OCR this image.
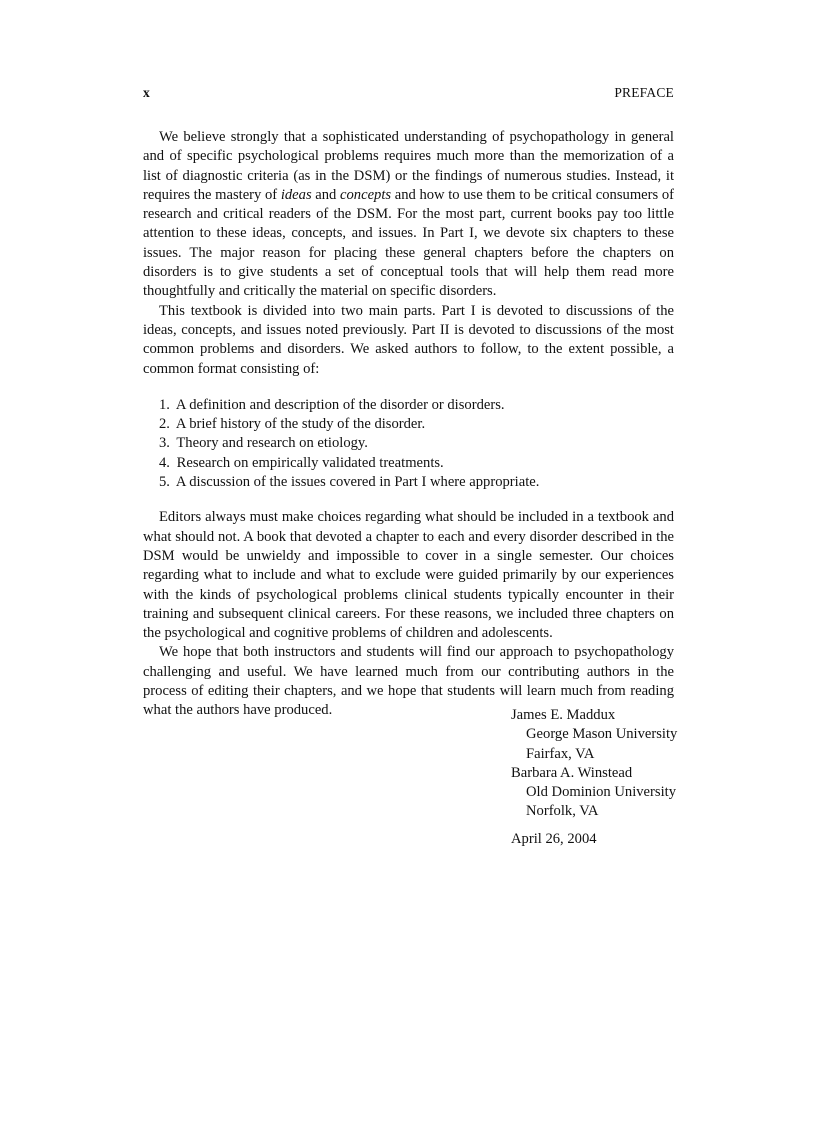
x	PREFACE

We believe strongly that a sophisticated understanding of psychopathology in general and of specific psychological problems requires much more than the memorization of a list of diagnostic criteria (as in the DSM) or the findings of numerous studies. Instead, it requires the mastery of ideas and concepts and how to use them to be critical consumers of research and critical readers of the DSM. For the most part, current books pay too little attention to these ideas, concepts, and issues. In Part I, we devote six chapters to these issues. The major reason for placing these general chapters before the chapters on disorders is to give students a set of conceptual tools that will help them read more thoughtfully and critically the material on specific disorders.

This textbook is divided into two main parts. Part I is devoted to discussions of the ideas, concepts, and issues noted previously. Part II is devoted to discussions of the most common problems and disorders. We asked authors to follow, to the extent possible, a common format consisting of:

1. A definition and description of the disorder or disorders.
2. A brief history of the study of the disorder.
3. Theory and research on etiology.
4. Research on empirically validated treatments.
5. A discussion of the issues covered in Part I where appropriate.

Editors always must make choices regarding what should be included in a textbook and what should not. A book that devoted a chapter to each and every disorder described in the DSM would be unwieldy and impossible to cover in a single semester. Our choices regarding what to include and what to exclude were guided primarily by our experiences with the kinds of psychological problems clinical students typically encounter in their training and subsequent clinical careers. For these reasons, we included three chapters on the psychological and cognitive problems of children and adolescents.

We hope that both instructors and students will find our approach to psychopathology challenging and useful. We have learned much from our contributing authors in the process of editing their chapters, and we hope that students will learn much from reading what the authors have produced.	James E. Maddux
George Mason University
Fairfax, VA
Barbara A. Winstead
Old Dominion University
Norfolk, VA
April 26, 2004
